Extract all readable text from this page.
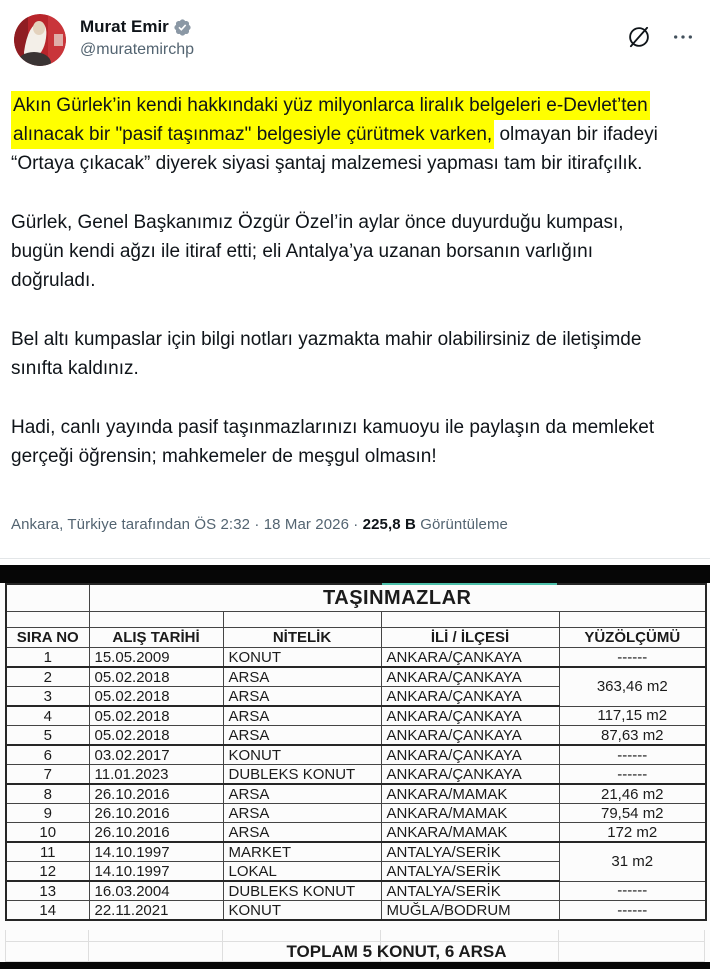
Murat Emir
@muratemirchp

Akın Gürlek’in kendi hakkındaki yüz milyonlarca liralık belgeleri e-Devlet’ten alınacak bir "pasif taşınmaz" belgesiyle çürütmek varken, olmayan bir ifadeyi “Ortaya çıkacak” diyerek siyasi şantaj malzemesi yapması tam bir itirafçılık.

Gürlek, Genel Başkanımız Özgür Özel’in aylar önce duyurduğu kumpası, bugün kendi ağzı ile itiraf etti; eli Antalya’ya uzanan borsanın varlığını doğruladı.

Bel altı kumpaslar için bilgi notları yazmakta mahir olabilirsiniz de iletişimde sınıfta kaldınız.

Hadi, canlı yayında pasif taşınmazlarınızı kamuoyu ile paylaşın da memleket gerçeği öğrensin; mahkemeler de meşgul olmasın!

Ankara, Türkiye tarafından ÖS 2:32 · 18 Mar 2026 · 225,8 B Görüntüleme
	TAŞINMAZLAR			

SIRA NO	ALIŞ TARİHİ	NİTELİK	İLİ / İLÇESİ	YÜZÖLÇÜMÜ
1	15.05.2009	KONUT	ANKARA/ÇANKAYA	------
2	05.02.2018	ARSA	ANKARA/ÇANKAYA	363,46 m2
3	05.02.2018	ARSA	ANKARA/ÇANKAYA	
4	05.02.2018	ARSA	ANKARA/ÇANKAYA	117,15 m2
5	05.02.2018	ARSA	ANKARA/ÇANKAYA	87,63 m2
6	03.02.2017	KONUT	ANKARA/ÇANKAYA	------
7	11.01.2023	DUBLEKS KONUT	ANKARA/ÇANKAYA	------
8	26.10.2016	ARSA	ANKARA/MAMAK	21,46 m2
9	26.10.2016	ARSA	ANKARA/MAMAK	79,54 m2
10	26.10.2016	ARSA	ANKARA/MAMAK	172 m2
11	14.10.1997	MARKET	ANTALYA/SERİK	31 m2
12	14.10.1997	LOKAL	ANTALYA/SERİK	
13	16.03.2004	DUBLEKS KONUT	ANTALYA/SERİK	------
14	22.11.2021	KONUT	MUĞLA/BODRUM	------
TOPLAM 5 KONUT, 6 ARSA
